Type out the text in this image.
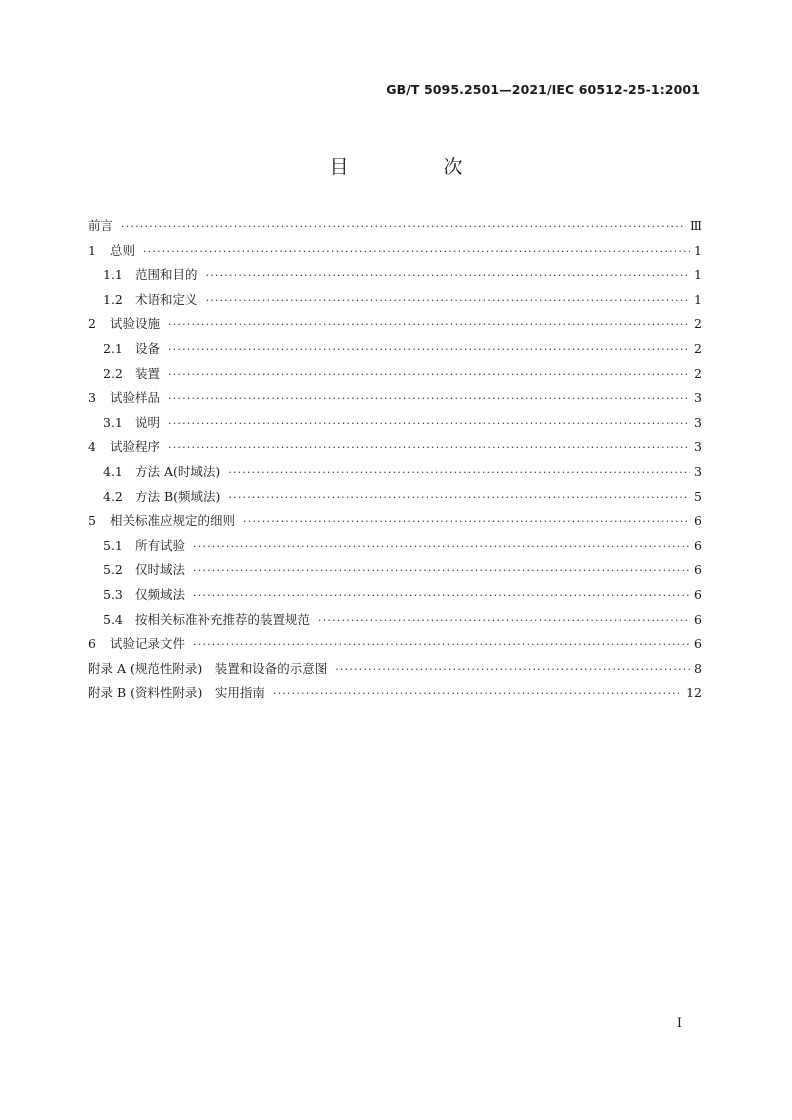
GB/T 5095.2501—2021/IEC 60512-25-1:2001
目　次
前言 ·····	Ⅲ
1	总则 ·····	1
1.1 范围和目的 ·····	1
1.2 术语和定义 ·····	1
2	试验设施 ·····	2
2.1 设备 ·····	2
2.2 装置 ·····	2
3	试验样品 ·····	3
3.1 说明 ·····	3
4	试验程序 ·····	3
4.1 方法 A(时域法) ·····	3
4.2 方法 B(频域法) ·····	5
5	相关标准应规定的细则 ·····	6
5.1 所有试验 ·····	6
5.2 仅时域法 ·····	6
5.3 仅频域法 ·····	6
5.4 按相关标准补充推荐的装置规范 ·····	6
6	试验记录文件 ·····	6
附录 A (规范性附录)　装置和设备的示意图 ·····	8
附录 B (资料性附录)　实用指南 ·····	12
I
